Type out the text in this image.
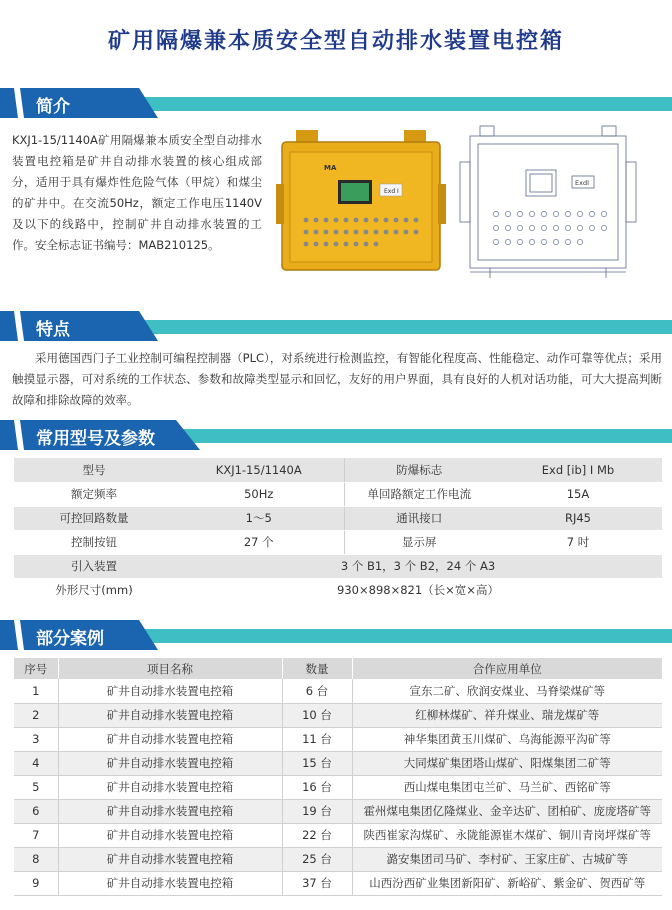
矿用隔爆兼本质安全型自动排水装置电控箱
简介
KXJ1-15/1140A矿用隔爆兼本质安全型自动排水装置电控箱是矿井自动排水装置的核心组成部分，适用于具有爆炸性危险气体（甲烷）和煤尘的矿井中。在交流50Hz，额定工作电压1140V及以下的线路中，控制矿井自动排水装置的工作。安全标志证书编号：MAB210125。
MA
Exd I
ExdI
特点
采用德国西门子工业控制可编程控制器（PLC），对系统进行检测监控，有智能化程度高、性能稳定、动作可靠等优点；采用触摸显示器，可对系统的工作状态、参数和故障类型显示和回忆，友好的用户界面，具有良好的人机对话功能，可大大提高判断故障和排除故障的效率。
常用型号及参数
型号	KXJ1-15/1140A	防爆标志	Exd [ib] I Mb
额定频率	50Hz	单回路额定工作电流	15A
可控回路数量	1～5	通讯接口	RJ45
控制按钮	27 个	显示屏	7 吋
引入装置	3 个 B1，3 个 B2，24 个 A3		
外形尺寸(mm)	930×898×821（长×宽×高）		
部分案例
序号	项目名称	数量	合作应用单位
1	矿井自动排水装置电控箱	6 台	宣东二矿、欣润安煤业、马脊梁煤矿等
2	矿井自动排水装置电控箱	10 台	红柳林煤矿、祥升煤业、瑞龙煤矿等
3	矿井自动排水装置电控箱	11 台	神华集团黄玉川煤矿、乌海能源平沟矿等
4	矿井自动排水装置电控箱	15 台	大同煤矿集团塔山煤矿、阳煤集团二矿等
5	矿井自动排水装置电控箱	16 台	西山煤电集团屯兰矿、马兰矿、西铭矿等
6	矿井自动排水装置电控箱	19 台	霍州煤电集团亿隆煤业、金辛达矿、团柏矿、庞庞塔矿等
7	矿井自动排水装置电控箱	22 台	陕西崔家沟煤矿、永陇能源崔木煤矿、铜川青岗坪煤矿等
8	矿井自动排水装置电控箱	25 台	潞安集团司马矿、李村矿、王家庄矿、古城矿等
9	矿井自动排水装置电控箱	37 台	山西汾西矿业集团新阳矿、新峪矿、紫金矿、贺西矿等
